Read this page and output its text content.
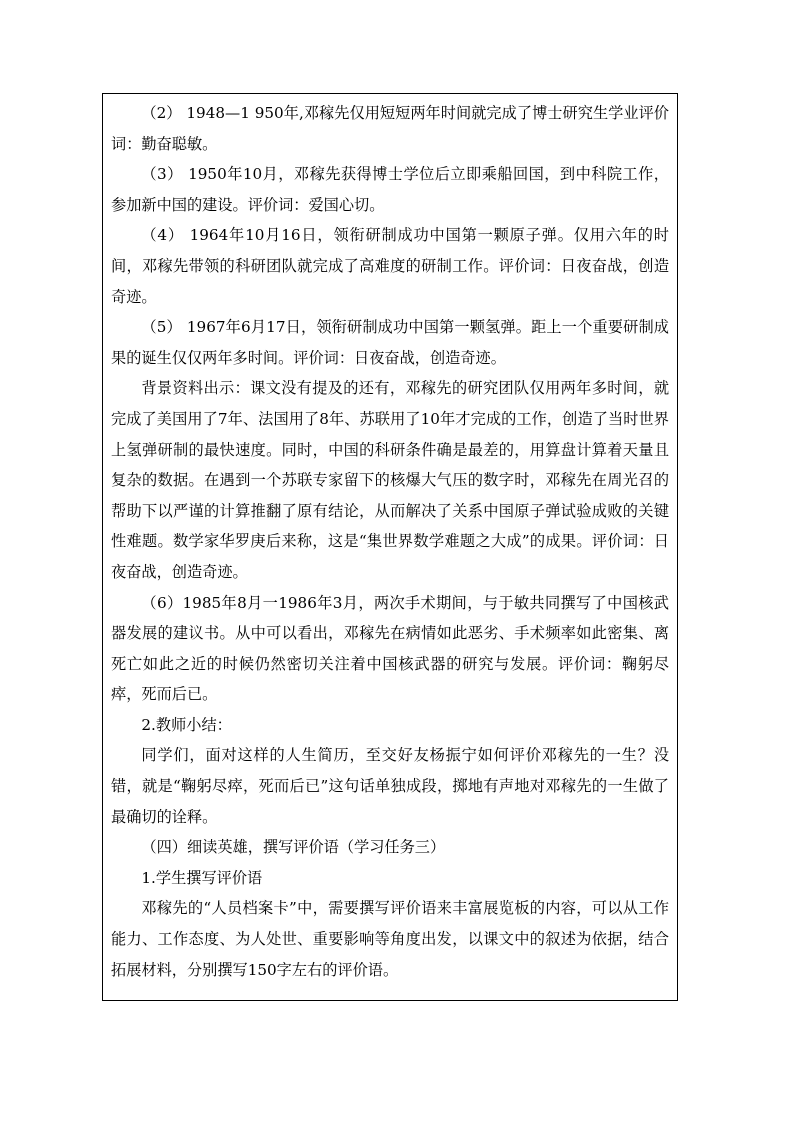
（2） 1948—1 950年,邓稼先仅用短短两年时间就完成了博士研究生学业评价词：勤奋聪敏。

（3） 1950年10月，邓稼先获得博士学位后立即乘船回国，到中科院工作，参加新中国的建设。评价词：爱国心切。

（4） 1964年10月16日，领衔研制成功中国第一颗原子弹。仅用六年的时间，邓稼先带领的科研团队就完成了高难度的研制工作。评价词：日夜奋战，创造奇迹。

（5） 1967年6月17日，领衔研制成功中国第一颗氢弹。距上一个重要研制成果的诞生仅仅两年多时间。评价词：日夜奋战，创造奇迹。

背景资料出示：课文没有提及的还有，邓稼先的研究团队仅用两年多时间，就完成了美国用了7年、法国用了8年、苏联用了10年才完成的工作，创造了当时世界上氢弹研制的最快速度。同时，中国的科研条件确是最差的，用算盘计算着天量且复杂的数据。在遇到一个苏联专家留下的核爆大气压的数字时，邓稼先在周光召的帮助下以严谨的计算推翻了原有结论，从而解决了关系中国原子弹试验成败的关键性难题。数学家华罗庚后来称，这是“集世界数学难题之大成”的成果。评价词：日夜奋战，创造奇迹。

（6）1985年8月一1986年3月，两次手术期间，与于敏共同撰写了中国核武器发展的建议书。从中可以看出，邓稼先在病情如此恶劣、手术频率如此密集、离死亡如此之近的时候仍然密切关注着中国核武器的研究与发展。评价词：鞠躬尽瘁，死而后已。

2.教师小结：

同学们，面对这样的人生简历，至交好友杨振宁如何评价邓稼先的一生？没错，就是“鞠躬尽瘁，死而后已”这句话单独成段，掷地有声地对邓稼先的一生做了最确切的诠释。

（四）细读英雄，撰写评价语（学习任务三）

1.学生撰写评价语

邓稼先的“人员档案卡”中，需要撰写评价语来丰富展览板的内容，可以从工作能力、工作态度、为人处世、重要影响等角度出发，以课文中的叙述为依据，结合拓展材料，分别撰写150字左右的评价语。
